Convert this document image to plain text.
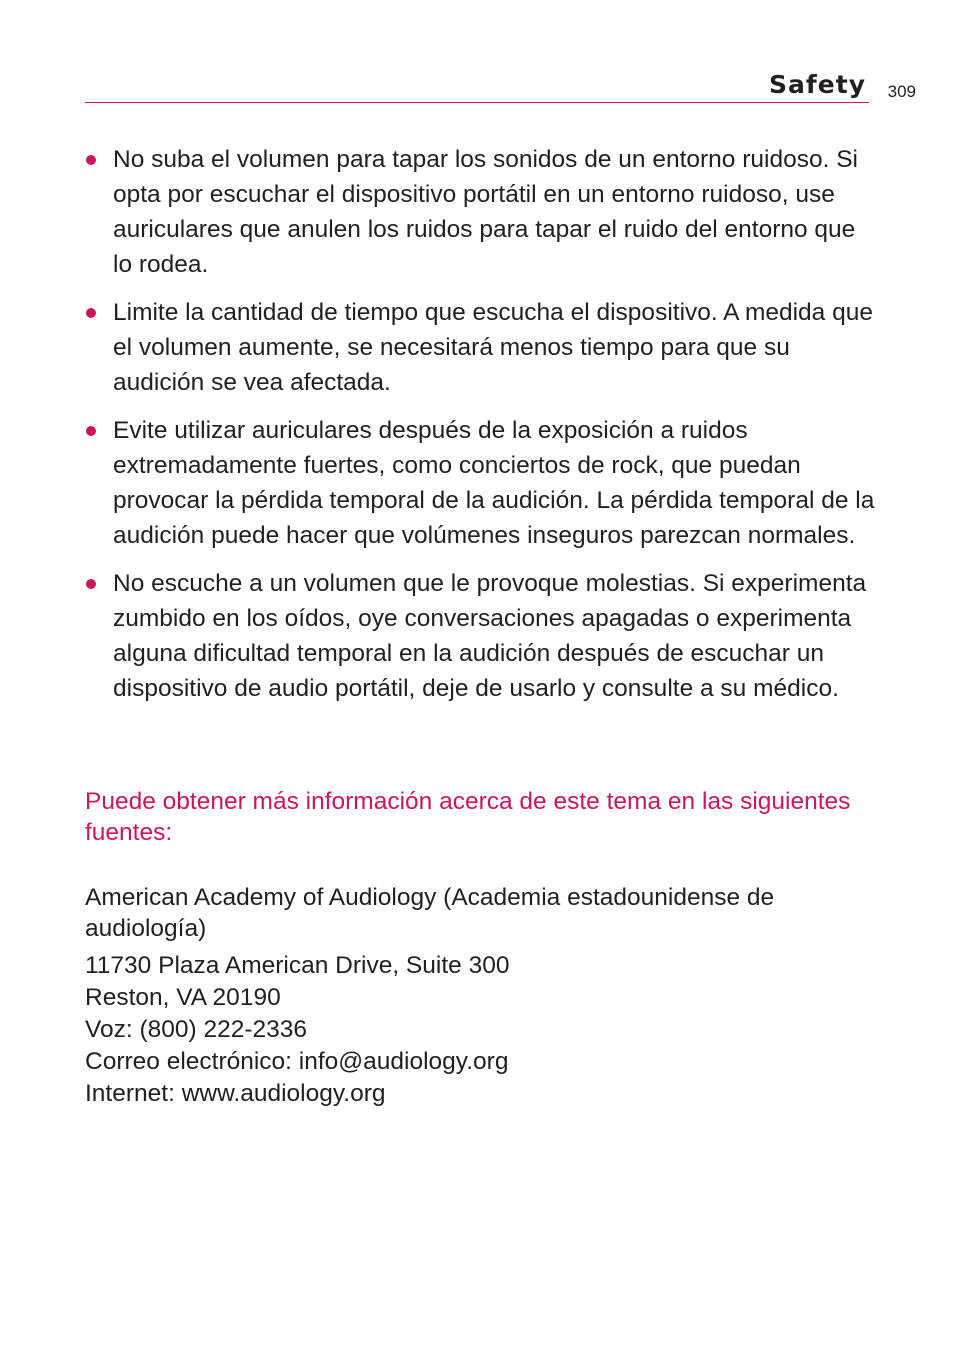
Safety 309
No suba el volumen para tapar los sonidos de un entorno ruidoso. Si opta por escuchar el dispositivo portátil en un entorno ruidoso, use auriculares que anulen los ruidos para tapar el ruido del entorno que lo rodea.
Limite la cantidad de tiempo que escucha el dispositivo. A medida que el volumen aumente, se necesitará menos tiempo para que su audición se vea afectada.
Evite utilizar auriculares después de la exposición a ruidos extremadamente fuertes, como conciertos de rock, que puedan provocar la pérdida temporal de la audición. La pérdida temporal de la audición puede hacer que volúmenes inseguros parezcan normales.
No escuche a un volumen que le provoque molestias. Si experimenta zumbido en los oídos, oye conversaciones apagadas o experimenta alguna dificultad temporal en la audición después de escuchar un dispositivo de audio portátil, deje de usarlo y consulte a su médico.
Puede obtener más información acerca de este tema en las siguientes fuentes:
American Academy of Audiology (Academia estadounidense de audiología)
11730 Plaza American Drive, Suite 300
Reston, VA 20190
Voz: (800) 222-2336
Correo electrónico: info@audiology.org
Internet: www.audiology.org
